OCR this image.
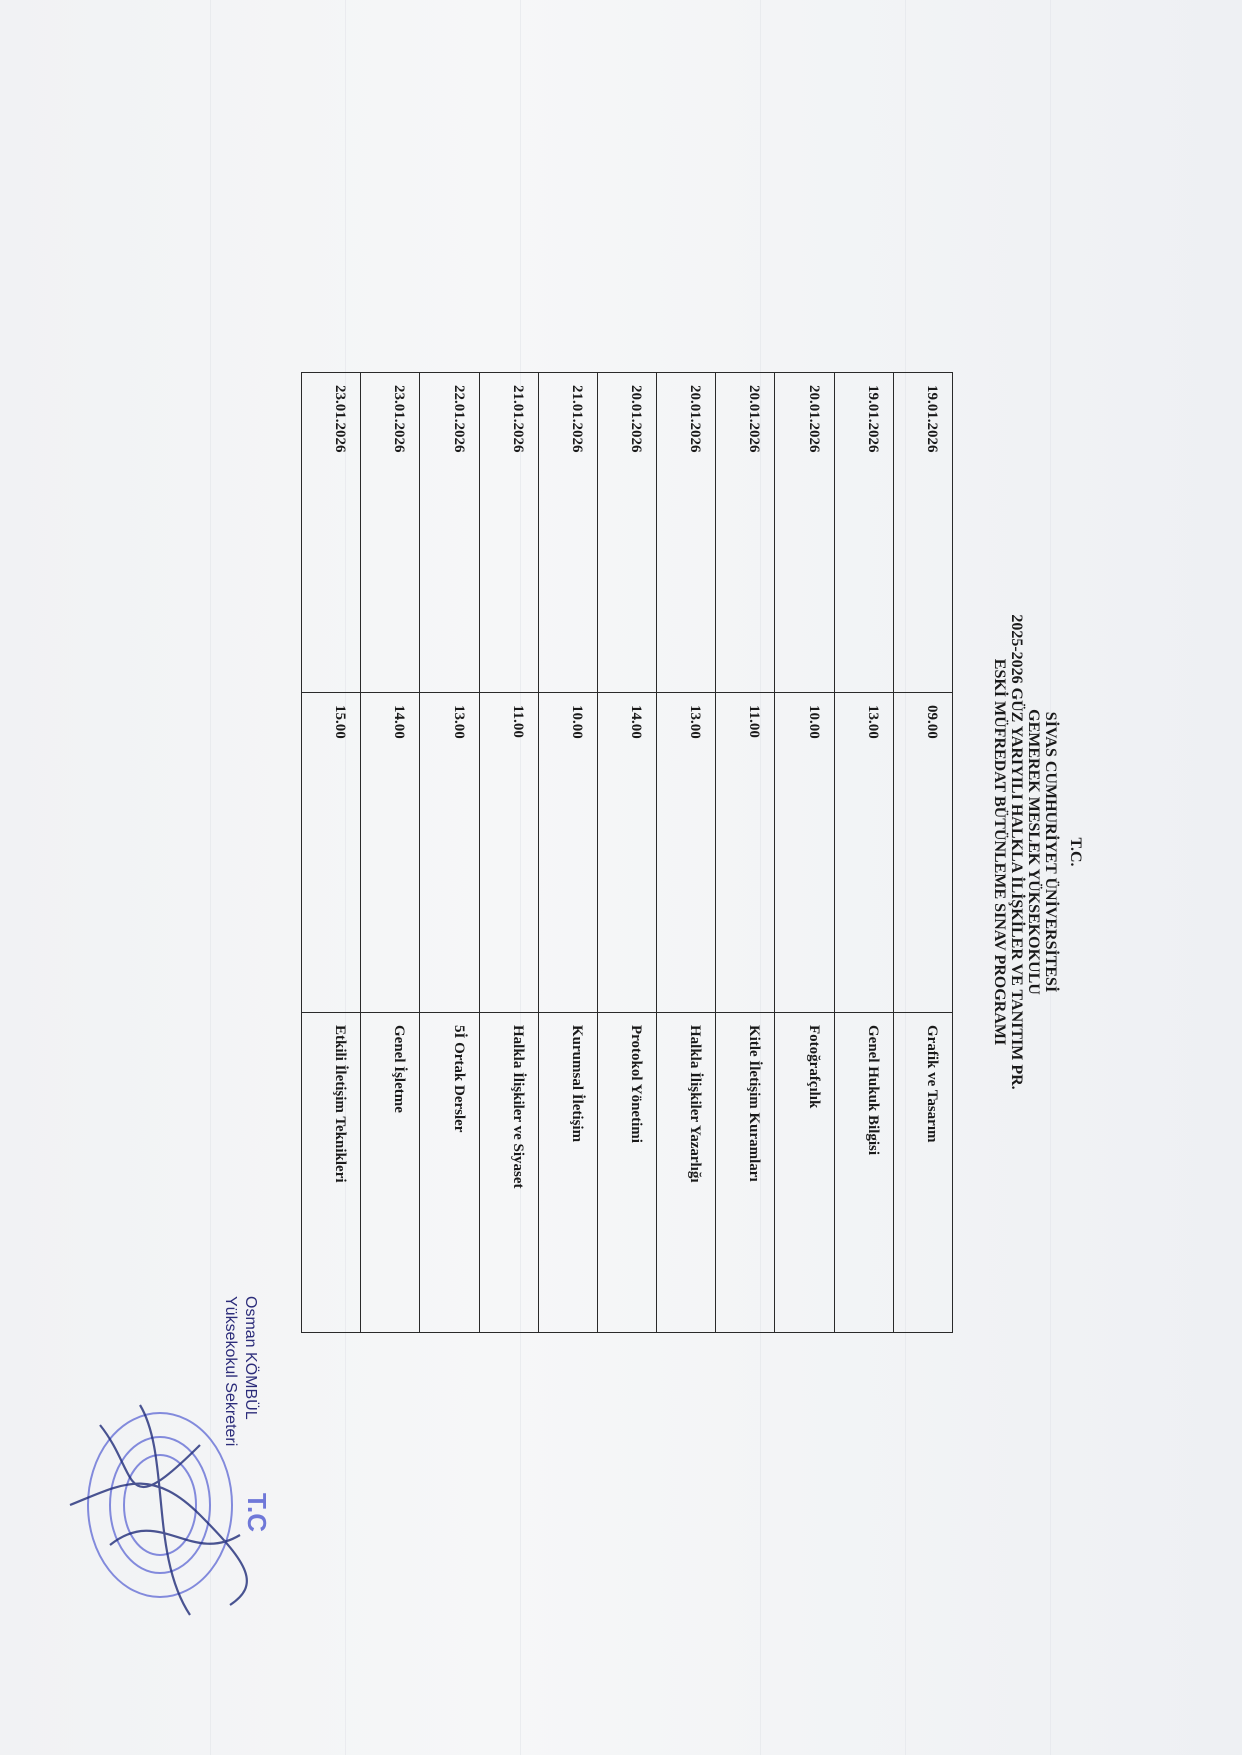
T.C.
SİVAS CUMHURİYET ÜNİVERSİTESİ
GEMEREK MESLEK YÜKSEKOKULU
2025-2026 GÜZ YARIYILI HALKLA İLİŞKİLER VE TANITIM PR.
ESKİ MÜFREDAT BÜTÜNLEME SINAV PROGRAMI
19.01.2026	09.00	Grafik ve Tasarım

19.01.2026	13.00	Genel Hukuk Bilgisi

20.01.2026	10.00	Fotoğrafçılık

20.01.2026	11.00	Kitle İletişim Kuramları

20.01.2026	13.00	Halkla İlişkiler Yazarlığı

20.01.2026	14.00	Protokol Yönetimi

21.01.2026	10.00	Kurumsal İletişim

21.01.2026	11.00	Halkla İlişkiler ve Siyaset

22.01.2026	13.00	5İ Ortak Dersler

23.01.2026	14.00	Genel İşletme

23.01.2026	15.00	Etkili İletişim Teknikleri
T.C
Osman KÖMBÜL
Yüksekokul Sekreteri
